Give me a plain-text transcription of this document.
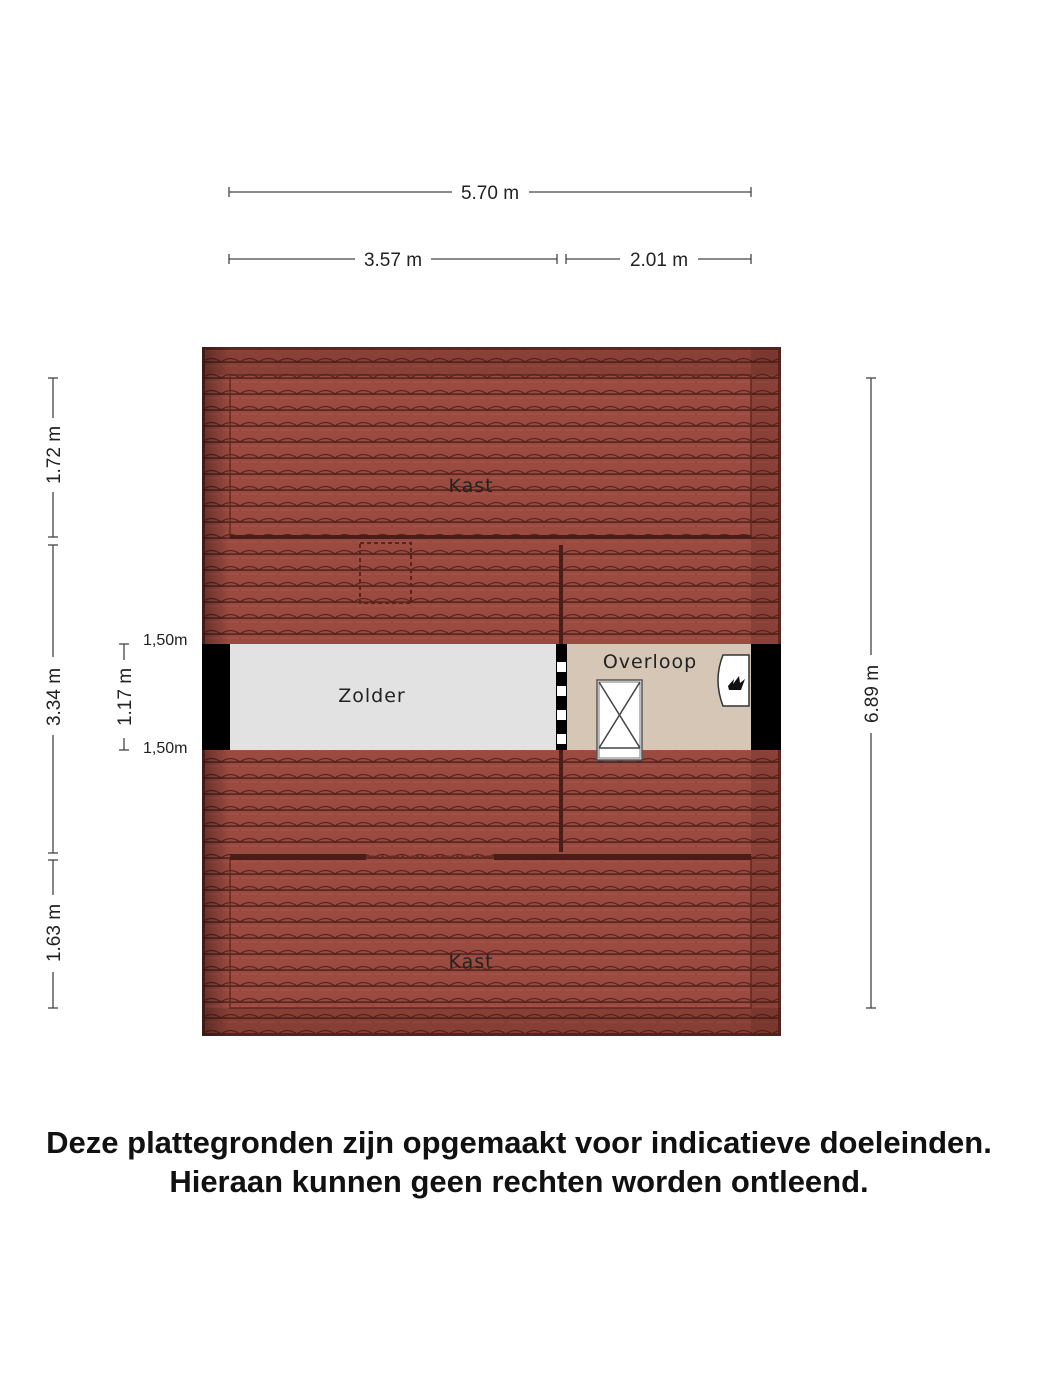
5.70 m
3.57 m	2.01 m
1.72 m
3.34 m
1.63 m
1.17 m
1,50m
1,50m
6.89 m
Kast
Zolder
Overloop
Kast
Deze plattegronden zijn opgemaakt voor indicatieve doeleinden.
Hieraan kunnen geen rechten worden ontleend.
